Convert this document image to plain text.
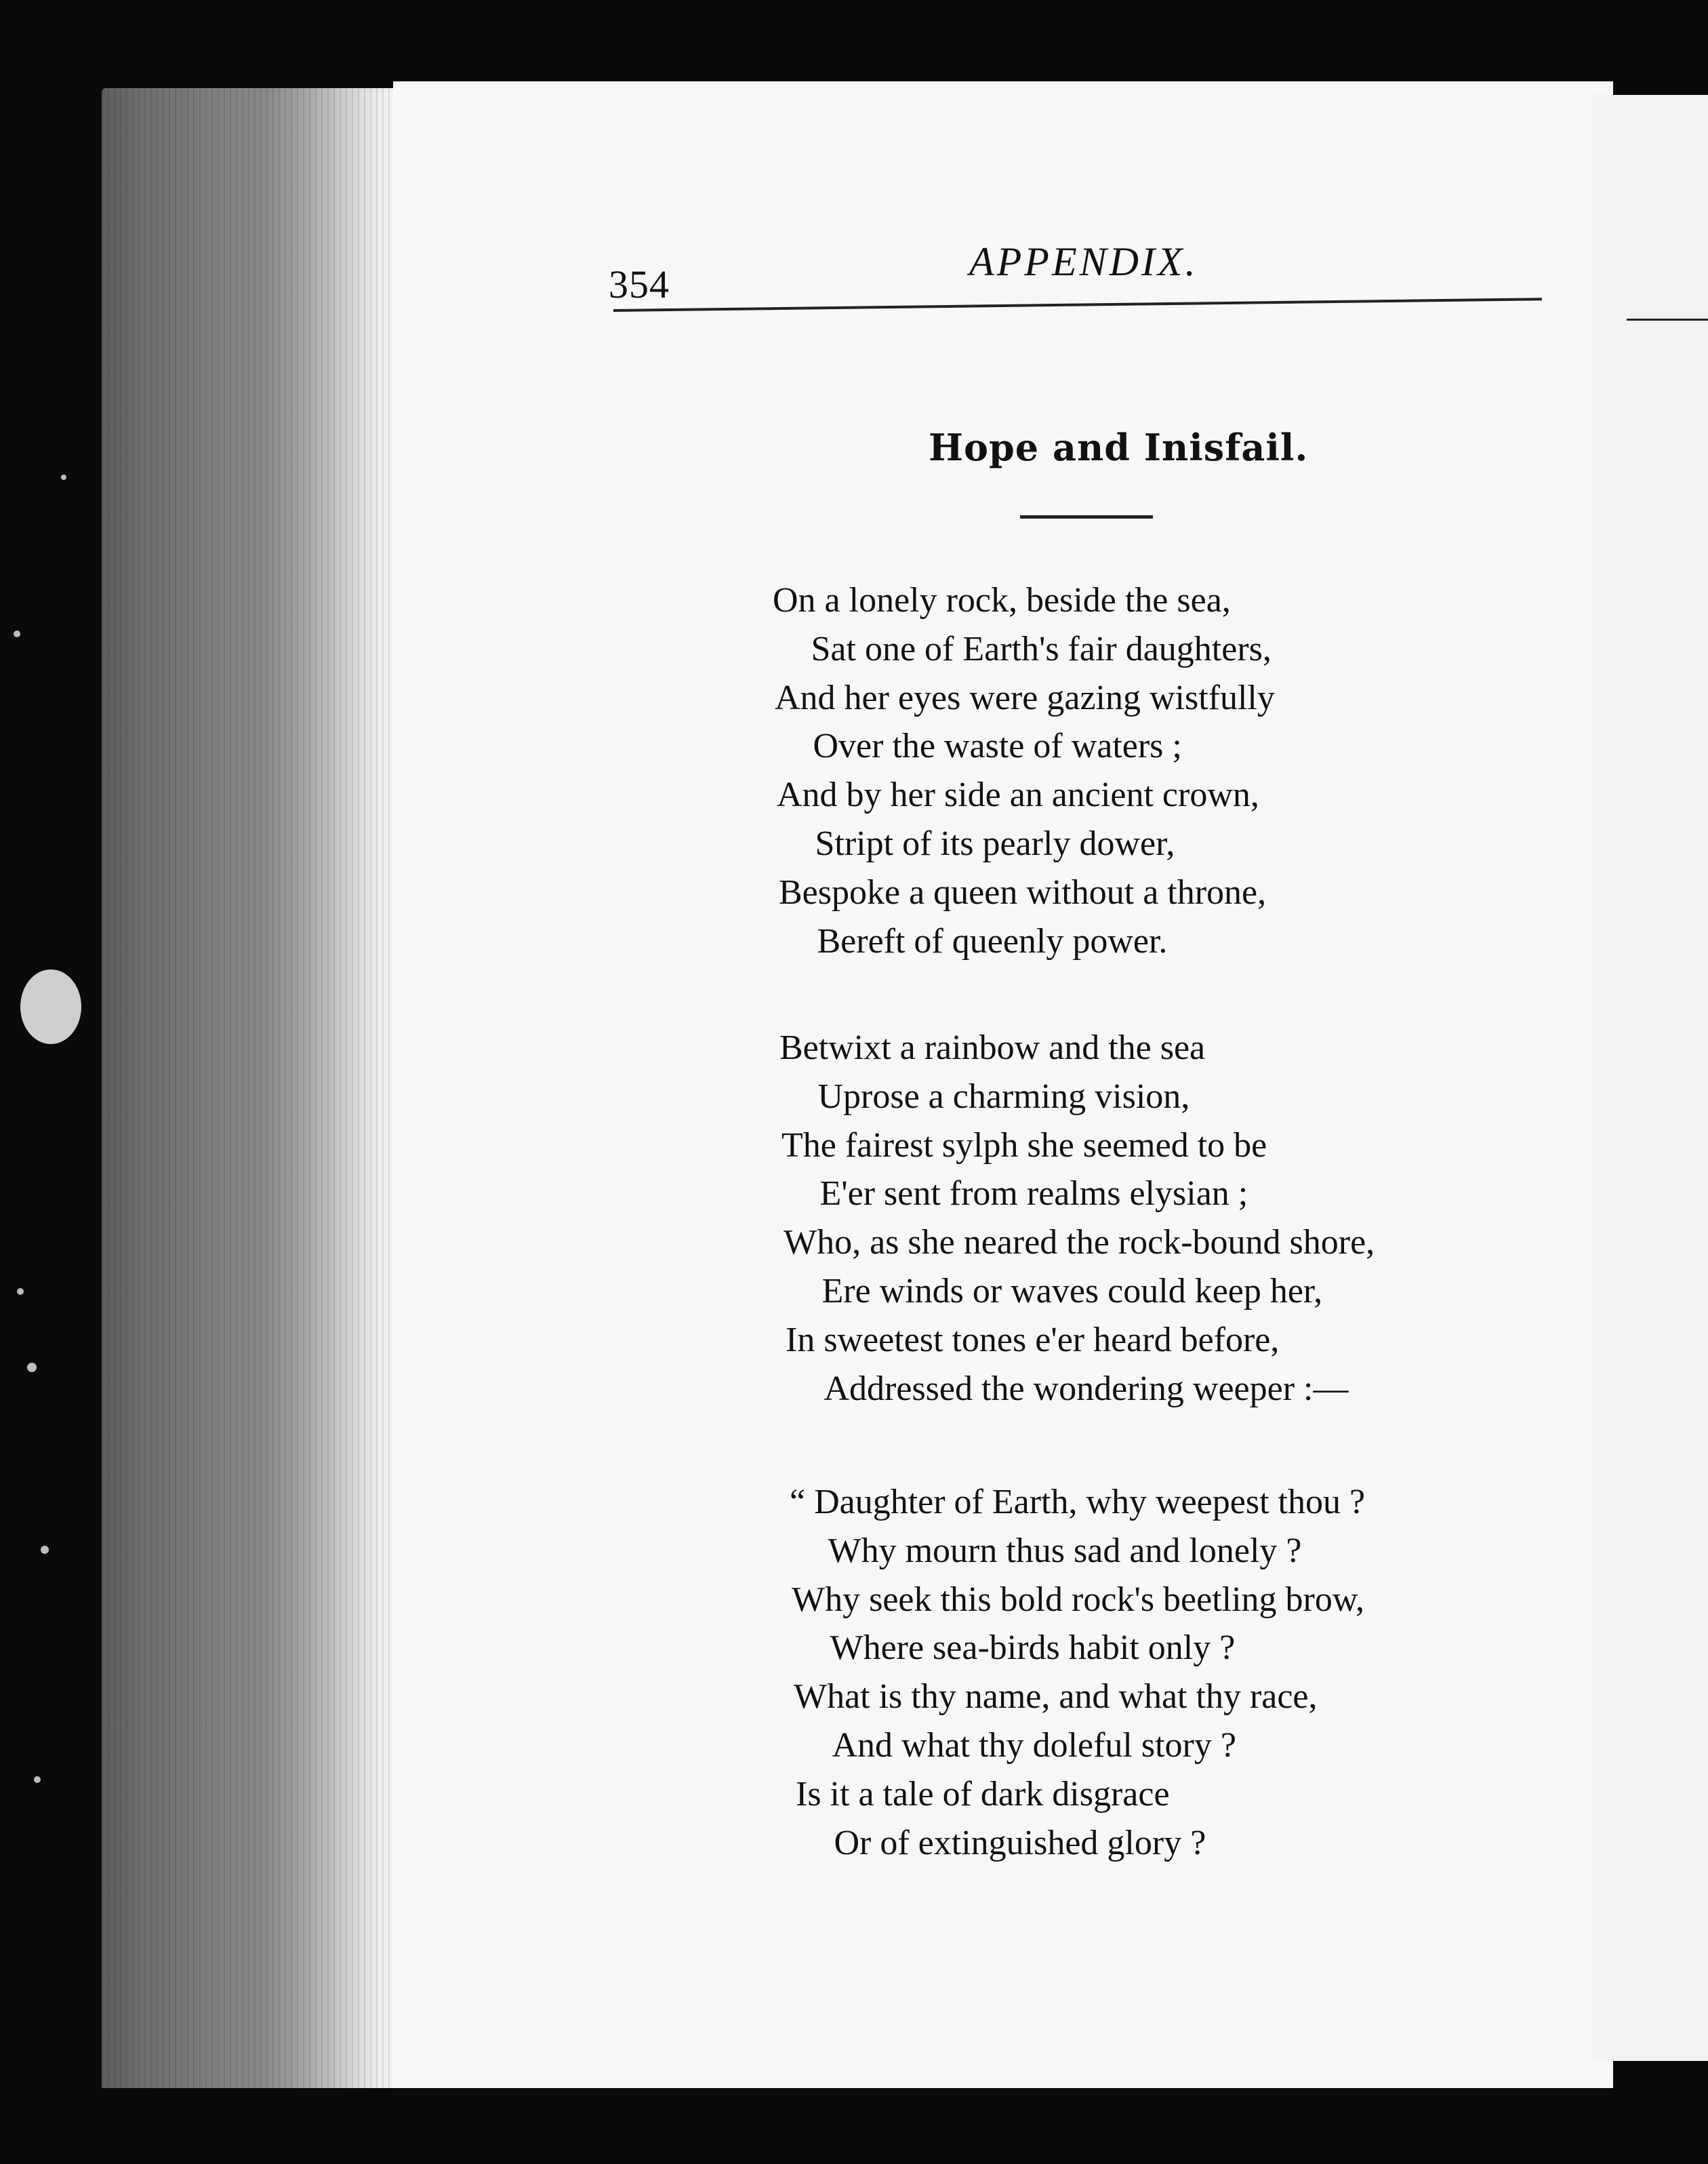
354
APPENDIX.
Hope and Inisfail.
On a lonely rock, beside the sea,
Sat one of Earth's fair daughters,
And her eyes were gazing wistfully
Over the waste of waters ;
And by her side an ancient crown,
Stript of its pearly dower,
Bespoke a queen without a throne,
Bereft of queenly power.
Betwixt a rainbow and the sea
Uprose a charming vision,
The fairest sylph she seemed to be
E'er sent from realms elysian ;
Who, as she neared the rock-bound shore,
Ere winds or waves could keep her,
In sweetest tones e'er heard before,
Addressed the wondering weeper :—
“ Daughter of Earth, why weepest thou ?
Why mourn thus sad and lonely ?
Why seek this bold rock's beetling brow,
Where sea-birds habit only ?
What is thy name, and what thy race,
And what thy doleful story ?
Is it a tale of dark disgrace
Or of extinguished glory ?
